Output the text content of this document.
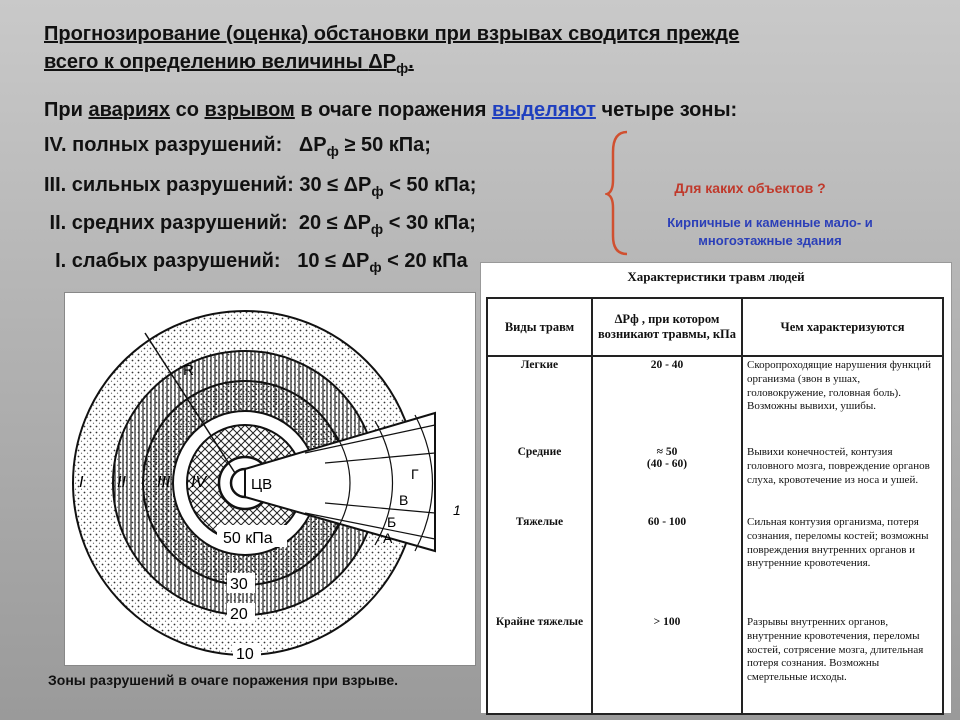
Прогнозирование (оценка) обстановки при взрывах сводится прежде
всего к определению величины $\Delta P_ф$.
При авариях со взрывом в очаге поражения выделяют четыре зоны:
IV. полных разрушений:   $\Delta P_ф \ge 50$ кПа;
III. сильных разрушений: $30 \le \Delta P_ф < 50$ кПа;
II. средних разрушений:  $20 \le \Delta P_ф < 30$ кПа;
I. слабых разрушений:   $10 \le \Delta P_ф < 20$ кПа
Для каких объектов ?
Кирпичные и каменные мало- и многоэтажные здания
R
ЦВ
50 кПа
30
20
10
I II III IV	Г
В
Б
А
1
Зоны разрушений в очаге поражения при взрыве.
Характеристики травм людей
Виды травм	ΔPф , при котором возникают травмы, кПа	Чем характеризуются
Легкие	20 - 40	Скоропроходящие нарушения функций организма (звон в ушах, головокружение, головная боль). Возможны вывихи, ушибы.
Средние	≈ 50
(40 - 60)	Вывихи конечностей, контузия головного мозга, повреждение органов слуха, кровотечение из носа и ушей.
Тяжелые	60 - 100	Сильная контузия организма, потеря сознания, переломы костей; возможны повреждения внутренних органов и внутренние кровотечения.
Крайне тяжелые	> 100	Разрывы внутренних органов, внутренние кровотечения, переломы костей, сотрясение мозга, длительная потеря сознания. Возможны смертельные исходы.
